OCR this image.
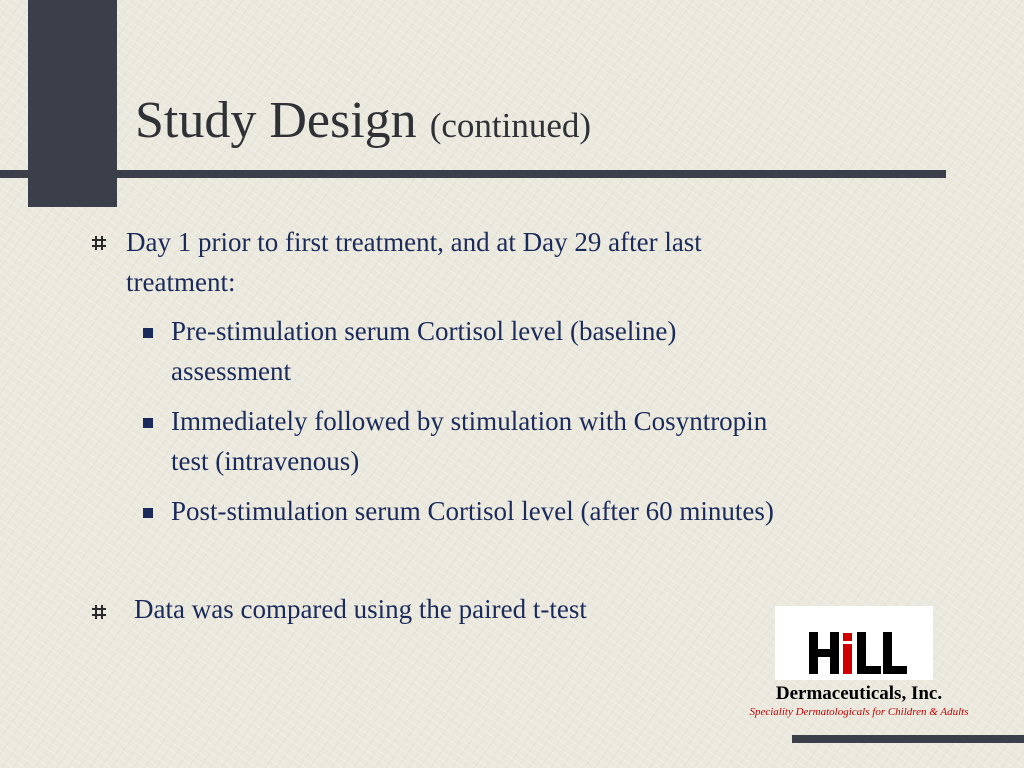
Study Design (continued)
Day 1 prior to first treatment, and at Day 29 after last
treatment:
Pre-stimulation serum Cortisol level (baseline)
assessment
Immediately followed by stimulation with Cosyntropin
test (intravenous)
Post-stimulation serum Cortisol level (after 60 minutes)
Data was compared using the paired t-test
Dermaceuticals, Inc.
Speciality Dermatologicals for Children & Adults
